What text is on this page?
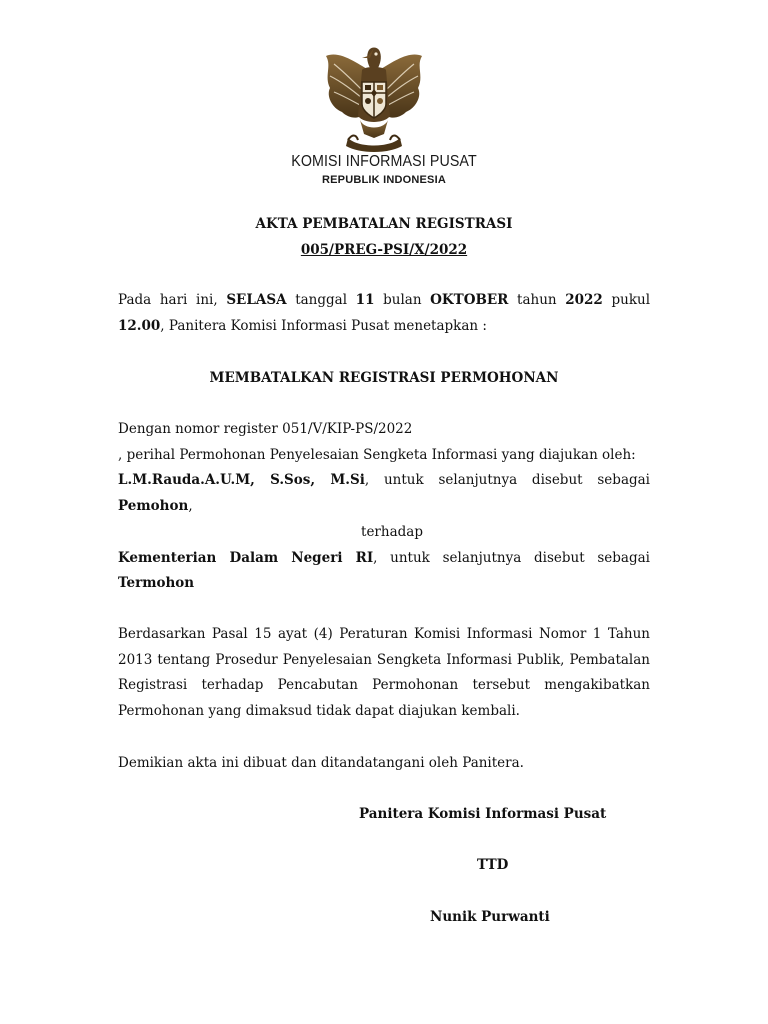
KOMISI INFORMASI PUSAT
REPUBLIK INDONESIA
AKTA PEMBATALAN REGISTRASI
005/PREG-PSI/X/2022
Pada hari ini, SELASA tanggal 11 bulan OKTOBER tahun 2022 pukul
12.00, Panitera Komisi Informasi Pusat menetapkan :
MEMBATALKAN REGISTRASI PERMOHONAN
Dengan nomor register 051/V/KIP-PS/2022
, perihal Permohonan Penyelesaian Sengketa Informasi yang diajukan oleh:
L.M.Rauda.A.U.M, S.Sos, M.Si, untuk selanjutnya disebut sebagai
Pemohon,
terhadap
Kementerian Dalam Negeri RI, untuk selanjutnya disebut sebagai
Termohon
Berdasarkan Pasal 15 ayat (4) Peraturan Komisi Informasi Nomor 1 Tahun
2013 tentang Prosedur Penyelesaian Sengketa Informasi Publik, Pembatalan
Registrasi terhadap Pencabutan Permohonan tersebut mengakibatkan
Permohonan yang dimaksud tidak dapat diajukan kembali.
Demikian akta ini dibuat dan ditandatangani oleh Panitera.
Panitera Komisi Informasi Pusat
TTD
Nunik Purwanti
